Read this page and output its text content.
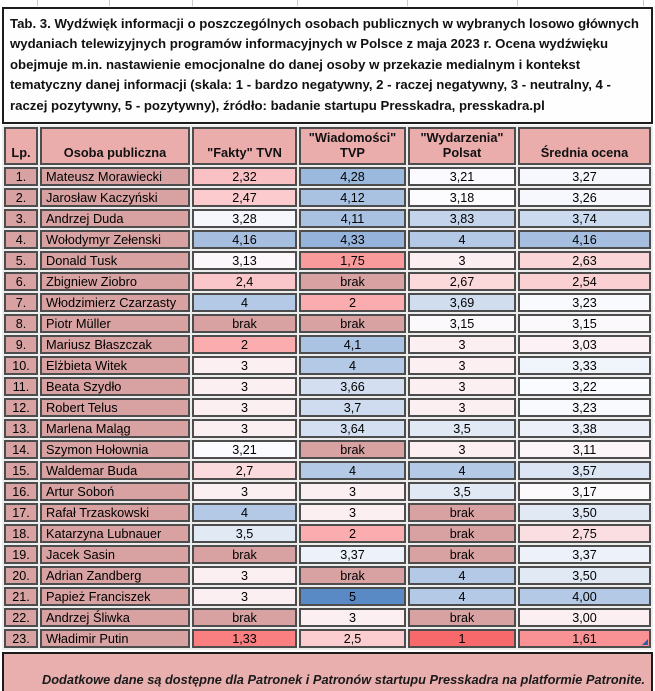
Tab. 3. Wydźwięk informacji o poszczególnych osobach publicznych w wybranych losowo głównych wydaniach telewizyjnych programów informacyjnych w Polsce z maja 2023 r. Ocena wydźwięku obejmuje m.in. nastawienie emocjonalne do danej osoby w przekazie medialnym i kontekst tematyczny danej informacji (skala: 1 - bardzo negatywny, 2 - raczej negatywny, 3 - neutralny, 4 - raczej pozytywny, 5 - pozytywny), źródło: badanie startupu Presskadra, presskadra.pl
Lp.	Osoba publiczna	"Fakty" TVN	"Wiadomości" TVP	"Wydarzenia" Polsat	Średnia ocena
1.	Mateusz Morawiecki	2,32	4,28	3,21	3,27
2.	Jarosław Kaczyński	2,47	4,12	3,18	3,26
3.	Andrzej Duda	3,28	4,11	3,83	3,74
4.	Wołodymyr Zełenski	4,16	4,33	4	4,16
5.	Donald Tusk	3,13	1,75	3	2,63
6.	Zbigniew Ziobro	2,4	brak	2,67	2,54
7.	Włodzimierz Czarzasty	4	2	3,69	3,23
8.	Piotr Müller	brak	brak	3,15	3,15
9.	Mariusz Błaszczak	2	4,1	3	3,03
10.	Elżbieta Witek	3	4	3	3,33
11.	Beata Szydło	3	3,66	3	3,22
12.	Robert Telus	3	3,7	3	3,23
13.	Marlena Maląg	3	3,64	3,5	3,38
14.	Szymon Hołownia	3,21	brak	3	3,11
15.	Waldemar Buda	2,7	4	4	3,57
16.	Artur Soboń	3	3	3,5	3,17
17.	Rafał Trzaskowski	4	3	brak	3,50
18.	Katarzyna Lubnauer	3,5	2	brak	2,75
19.	Jacek Sasin	brak	3,37	brak	3,37
20.	Adrian Zandberg	3	brak	4	3,50
21.	Papież Franciszek	3	5	4	4,00
22.	Andrzej Śliwka	brak	3	brak	3,00
23.	Władimir Putin	1,33	2,5	1	1,61
Dodatkowe dane są dostępne dla Patronek i Patronów startupu Presskadra na platformie Patronite.
